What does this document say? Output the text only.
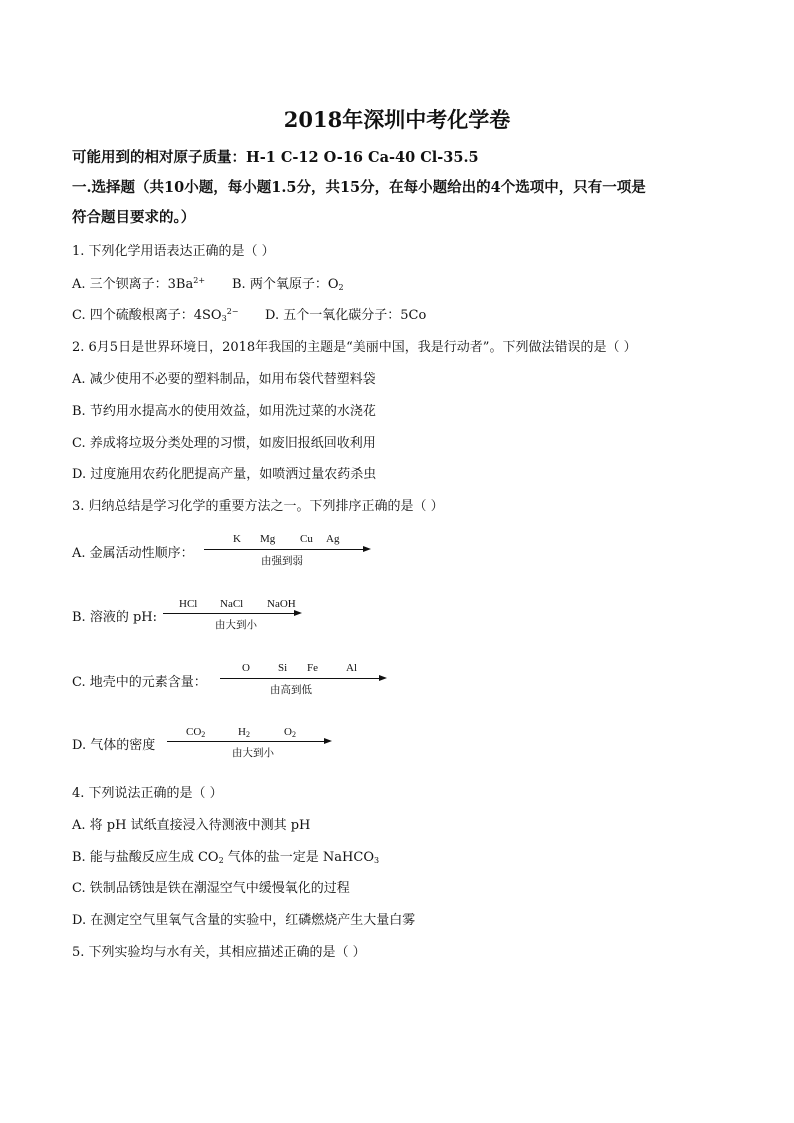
2018年深圳中考化学卷
可能用到的相对原子质量：H-1 C-12 O-16 Ca-40 Cl-35.5
一.选择题（共10小题，每小题1.5分，共15分，在每小题给出的4个选项中，只有一项是
符合题目要求的。）
1. 下列化学用语表达正确的是（ ）
A. 三个钡离子：$3Ba^{2+}$ B. 两个氧原子：$O_2$
C. 四个硫酸根离子：$4SO_3^{2-}$ D. 五个一氧化碳分子：5Co
2. 6月5日是世界环境日，2018年我国的主题是“美丽中国，我是行动者”。下列做法错误的是（ ）
A. 减少使用不必要的塑料制品，如用布袋代替塑料袋
B. 节约用水提高水的使用效益，如用洗过菜的水浇花
C. 养成将垃圾分类处理的习惯，如废旧报纸回收利用
D. 过度施用农药化肥提高产量，如喷洒过量农药杀虫
3. 归纳总结是学习化学的重要方法之一。下列排序正确的是（ ）
A. 金属活动性顺序：
K Mg Cu Ag
由强到弱
B. 溶液的 pH:
HCl NaCl NaOH
由大到小
C. 地壳中的元素含量：
O	Si Fe	Al
由高到低
D. 气体的密度
$CO_2$	$H_2$	$O_2$
由大到小
4. 下列说法正确的是（ ）
A. 将 pH 试纸直接浸入待测液中测其 pH
B. 能与盐酸反应生成 $CO_2$ 气体的盐一定是 NaHCO$_3$
C. 铁制品锈蚀是铁在潮湿空气中缓慢氧化的过程
D. 在测定空气里氧气含量的实验中，红磷燃烧产生大量白雾
5. 下列实验均与水有关，其相应描述正确的是（ ）
